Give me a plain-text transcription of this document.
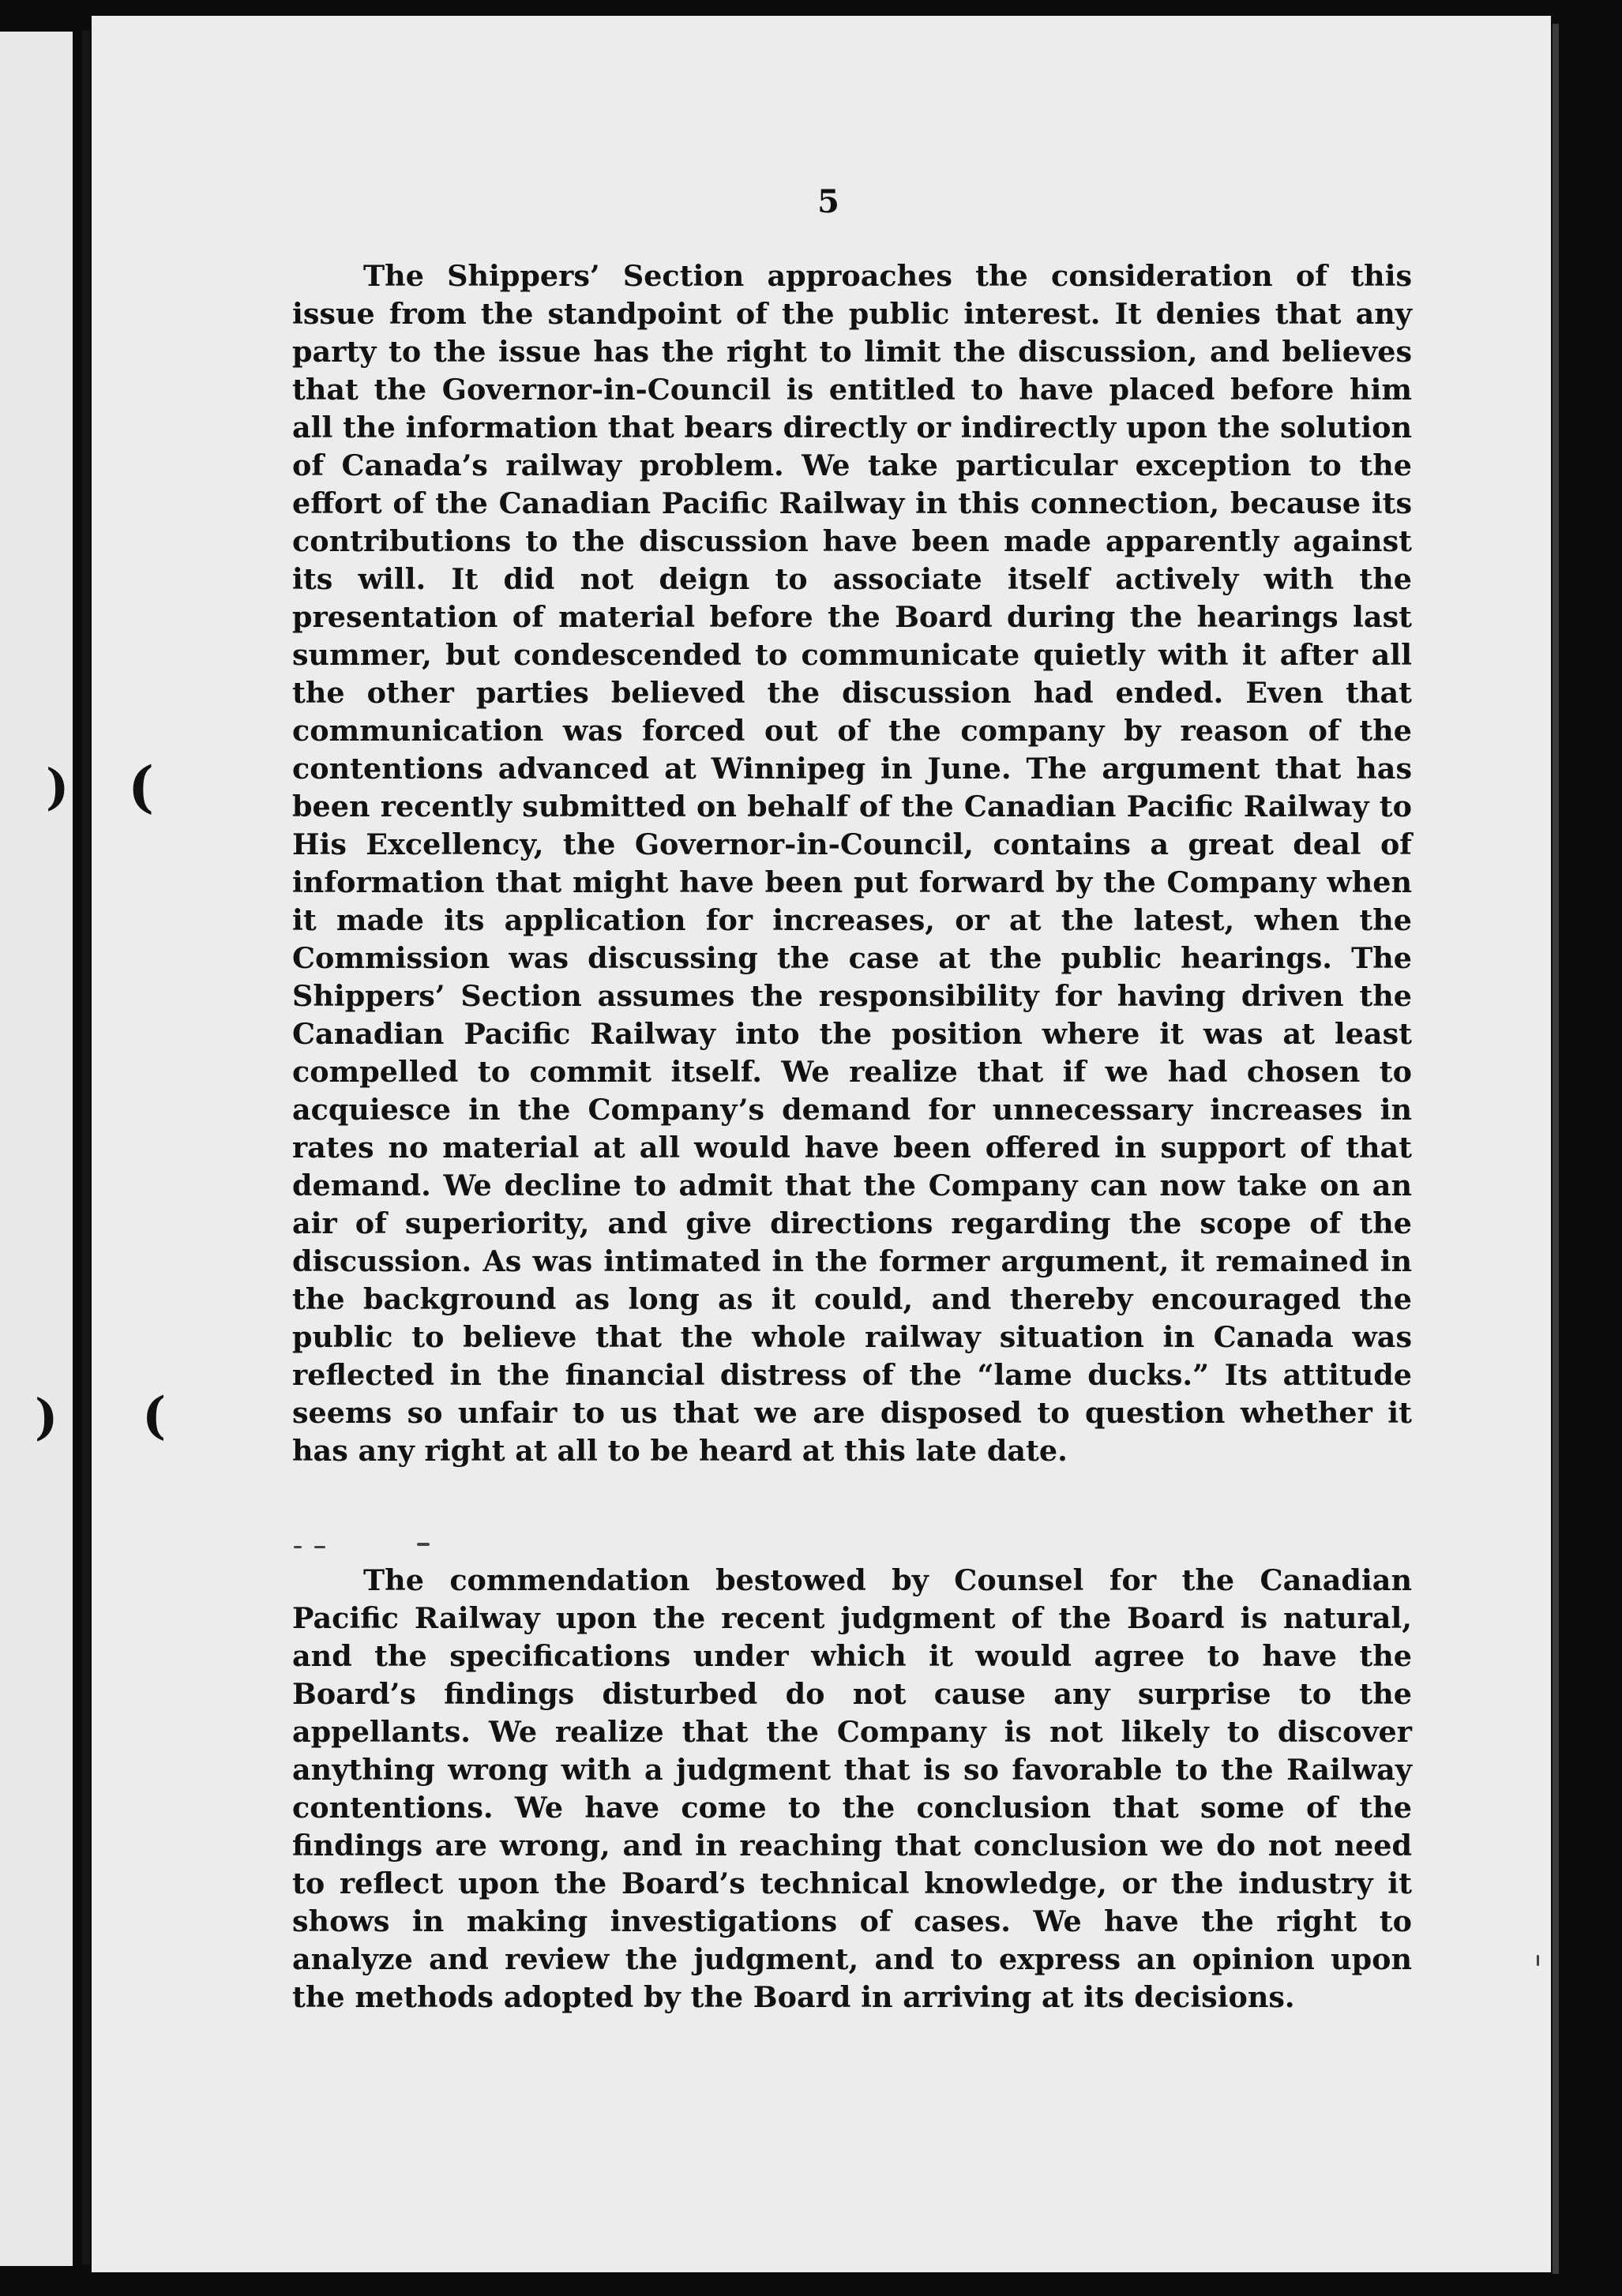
5

The Shippers’ Section approaches the consideration of this issue from the standpoint of the public interest. It denies that any party to the issue has the right to limit the discussion, and believes that the Governor-in-Council is entitled to have placed before him all the information that bears directly or indirectly upon the solution of Canada’s railway problem. We take particular exception to the effort of the Canadian Pacific Railway in this connection, because its contributions to the discussion have been made apparently against its will. It did not deign to associate itself actively with the presentation of material before the Board during the hearings last summer, but condescended to communicate quietly with it after all the other parties believed the discussion had ended. Even that communication was forced out of the company by reason of the contentions advanced at Winnipeg in June. The argument that has been recently submitted on behalf of the Canadian Pacific Railway to His Excellency, the Governor-in-Council, contains a great deal of information that might have been put forward by the Company when it made its application for increases, or at the latest, when the Commission was discussing the case at the public hearings. The Shippers’ Section assumes the responsibility for having driven the Canadian Pacific Railway into the position where it was at least compelled to commit itself. We realize that if we had chosen to acquiesce in the Company’s demand for unnecessary increases in rates no material at all would have been offered in support of that demand. We decline to admit that the Company can now take on an air of superiority, and give directions regarding the scope of the discussion. As was intimated in the former argument, it remained in the background as long as it could, and thereby encouraged the public to believe that the whole railway situation in Canada was reflected in the financial distress of the “lame ducks.” Its attitude seems so unfair to us that we are disposed to question whether it has any right at all to be heard at this late date.

The commendation bestowed by Counsel for the Canadian Pacific Railway upon the recent judgment of the Board is natural, and the specifications under which it would agree to have the Board’s findings disturbed do not cause any surprise to the appellants. We realize that the Company is not likely to discover anything wrong with a judgment that is so favorable to the Railway contentions. We have come to the conclusion that some of the findings are wrong, and in reaching that conclusion we do not need to reflect upon the Board’s technical knowledge, or the industry it shows in making investigations of cases. We have the right to analyze and review the judgment, and to express an opinion upon the methods adopted by the Board in arriving at its decisions.

) (
) (
